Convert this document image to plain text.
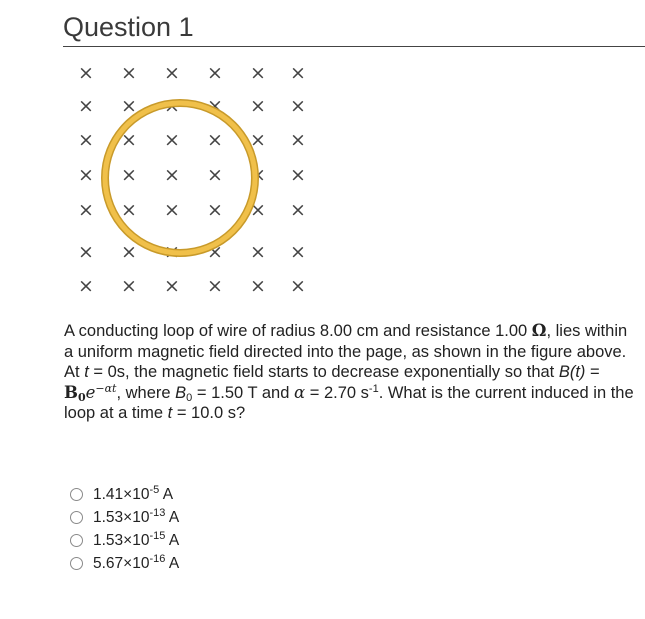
Question 1
× × × × × ×
× × × × × ×
× × × × × ×
× × × × × ×
× × × × × ×
× × × × × ×
× × × × × ×
A conducting loop of wire of radius 8.00 cm and resistance 1.00 Ω, lies within a uniform magnetic field directed into the page, as shown in the figure above. At t = 0s, the magnetic field starts to decrease exponentially so that $B(t) = B_0e^{-\alpha t}$, where $B_0 = 1.50$ T and α = 2.70 $s^{-1}$. What is the current induced in the loop at a time t = 10.0 s?
$1.41\times 10^{-5}$ A
$1.53\times 10^{-13}$ A
$1.53\times 10^{-15}$ A
$5.67\times 10^{-16}$ A
